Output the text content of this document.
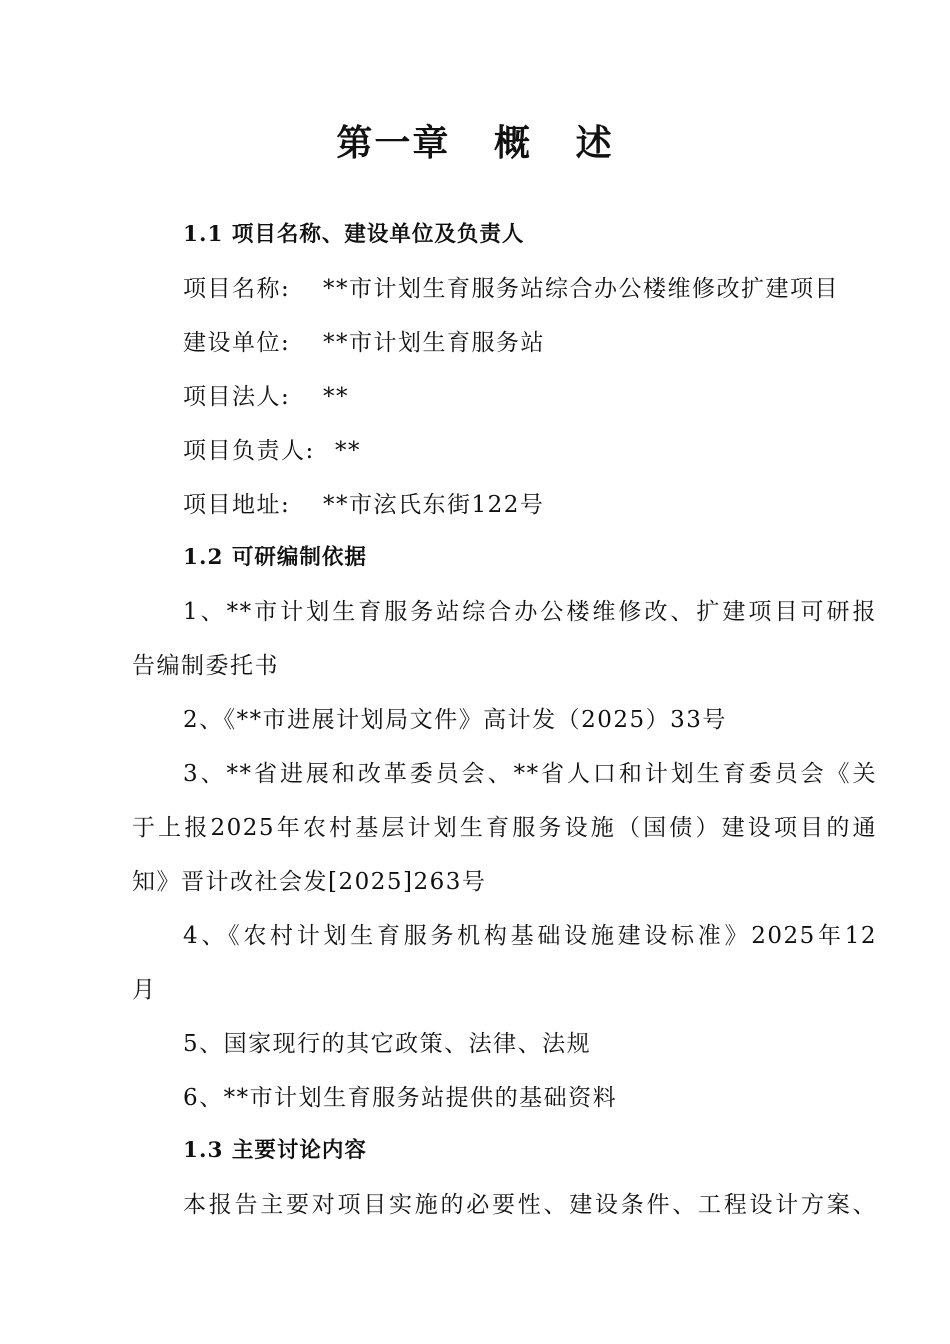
第一章   概   述
1.1 项目名称、建设单位及负责人
项目名称: **市计划生育服务站综合办公楼维修改扩建项目
建设单位: **市计划生育服务站
项目法人: **
项目负责人: **
项目地址: **市泫氏东街122号
1.2 可研编制依据
1、**市计划生育服务站综合办公楼维修改、扩建项目可研报
告编制委托书
2、《**市进展计划局文件》高计发（2025）33号
3、**省进展和改革委员会、**省人口和计划生育委员会《关
于上报2025年农村基层计划生育服务设施（国债）建设项目的通
知》晋计改社会发[2025]263号
4、《农村计划生育服务机构基础设施建设标准》2025年12
月
5、国家现行的其它政策、法律、法规
6、**市计划生育服务站提供的基础资料
1.3 主要讨论内容
本报告主要对项目实施的必要性、建设条件、工程设计方案、
